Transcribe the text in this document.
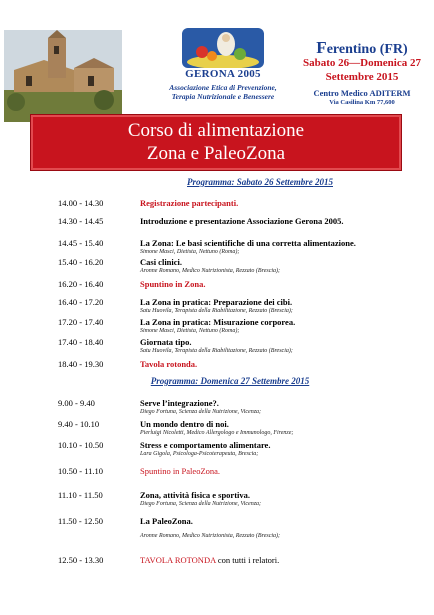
GERONA 2005
Associazione Etica di Prevenzione,
Terapia Nutrizionale e Benessere
Ferentino (FR)
Sabato 26—Domenica 27
Settembre 2015
Centro Medico ADITERM
Via Casilina Km 77,600
Corso di alimentazione
Zona e PaleoZona
Programma: Sabato 26 Settembre 2015
14.00 - 14.30	Registrazione partecipanti.
14.30 - 14.45	Introduzione e presentazione Associazione Gerona 2005.
14.45 - 15.40	La Zona: Le basi scientifiche di una corretta alimentazione.
Simone Masci, Dietista, Nettuno (Roma);
15.40 - 16.20	Casi clinici.
Aronne Romano, Medico Nutrizionista, Rezzato (Brescia);
16.20 - 16.40	Spuntino in Zona.
16.40 - 17.20	La Zona in pratica: Preparazione dei cibi.
Satu Huovila, Terapista della Riabilitazione, Rezzato (Brescia);
17.20 - 17.40	La Zona in pratica: Misurazione corporea.
Simone Masci, Dietista, Nettuno (Roma);
17.40 - 18.40	Giornata tipo.
Satu Huovila, Terapista della Riabilitazione, Rezzato (Brescia);
18.40 - 19.30	Tavola rotonda.
Programma: Domenica 27 Settembre 2015
9.00 - 9.40	Serve l’integrazione?.
Diego Fortuna, Scienza della Nutrizione, Vicenza;
9.40 - 10.10	Un mondo dentro di noi.
Pierluigi Nicoletti, Medico Allergologo e Immunologo, Firenze;
10.10 - 10.50	Stress e comportamento alimentare.
Lara Gigola, Psicologa-Psicoterapeuta, Brescia;
10.50 - 11.10	Spuntino in PaleoZona.
11.10 - 11.50	Zona, attività fisica e sportiva.
Diego Fortuna, Scienza della Nutrizione, Vicenza;
11.50 - 12.50	La PaleoZona.
Aronne Romano, Medico Nutrizionista, Rezzato (Brescia);
12.50 - 13.30	TAVOLA ROTONDA con tutti i relatori.
